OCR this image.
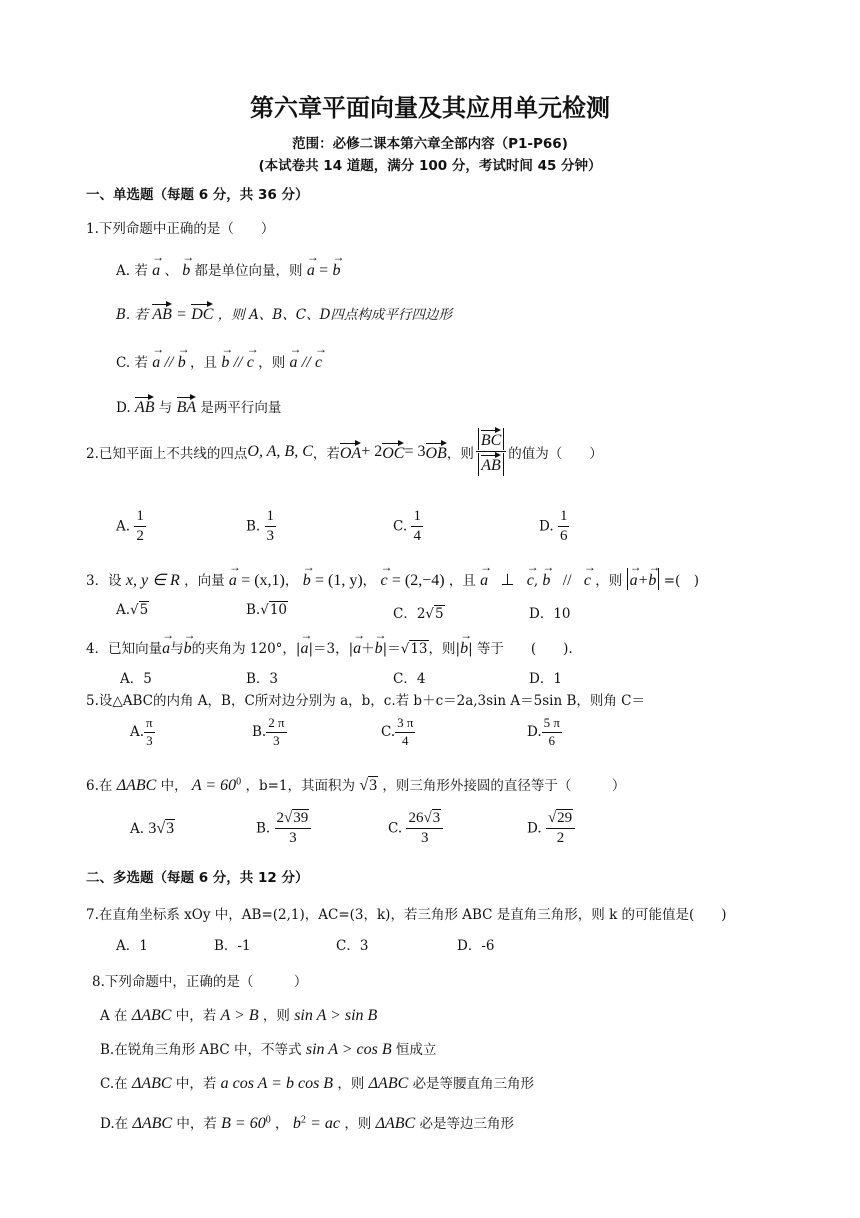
第六章平面向量及其应用单元检测
范围：必修二课本第六章全部内容（P1-P66)
(本试卷共 14 道题，满分 100 分，考试时间 45 分钟）
一、单选题（每题 6 分，共 36 分）
1.下列命题中正确的是（　　）
A. 若 → a 、 → b 都是单位向量，则 → a = → b
B. 若 AB = DC ，则 A、B、C、D四点构成平行四边形
C. 若 → a // → b ，且 → b // → c ，则 → a // → c
D. AB 与 BA 是两平行向量
2.已知平面上不共线的四点 O, A, B, C ，若 OA + 2 OC = 3 OB ，则 $\frac{BC}{AB}$ 的值为（　　）
A. $\frac{1}{2}$	B. $\frac{1}{3}$	C. $\frac{1}{4}$	D. $\frac{1}{6}$
3．设 x, y ∈ R ，向量 → a = (x,1)， → b = (1, y)， → c = (2,−4) ，且 → a ⊥ → c, → b // → c ，则 → a+→ b =(　)
A.√5	B.√10	C．2√5	D．10
4．已知向量→ a与→ b的夹角为 120°，|→ a|＝3，|→ a＋→ b|＝√13，则|→ b| 等于　　(　　).
A．5	B．3	C．4	D．1
5.设△ABC的内角 A，B，C所对边分别为 a，b，c.若 b＋c＝2a,3sin A＝5sin B，则角 C＝
A. $\frac{\pi}{3}$	B. $\frac{2 \pi}{3}$	C. $\frac{3 \pi}{4}$	D. $\frac{5 \pi}{6}$
6.在 ΔABC 中， $A = 60^0$ ，b=1，其面积为 √3 ，则三角形外接圆的直径等于（　　　）
A. 3√3	B. $\frac{2√39}{3}$	C. $\frac{26√3}{3}$	D. $\frac{√29}{2}$
二、多选题（每题 6 分，共 12 分）
7.在直角坐标系 xOy 中，AB=(2,1)，AC=(3，k)，若三角形 ABC 是直角三角形，则 k 的可能值是(　　)
A．1	B．-1	C．3	D．-6
8.下列命题中，正确的是（　　　）
A 在 ΔABC 中，若 A > B ，则 sin A > sin B
B.在锐角三角形 ABC 中，不等式 sin A > cos B 恒成立
C.在 ΔABC 中，若 a cos A = b cos B ，则 ΔABC 必是等腰直角三角形
D.在 ΔABC 中，若 $B = 60^0$ ， $b^2$ = ac ，则 ΔABC 必是等边三角形
